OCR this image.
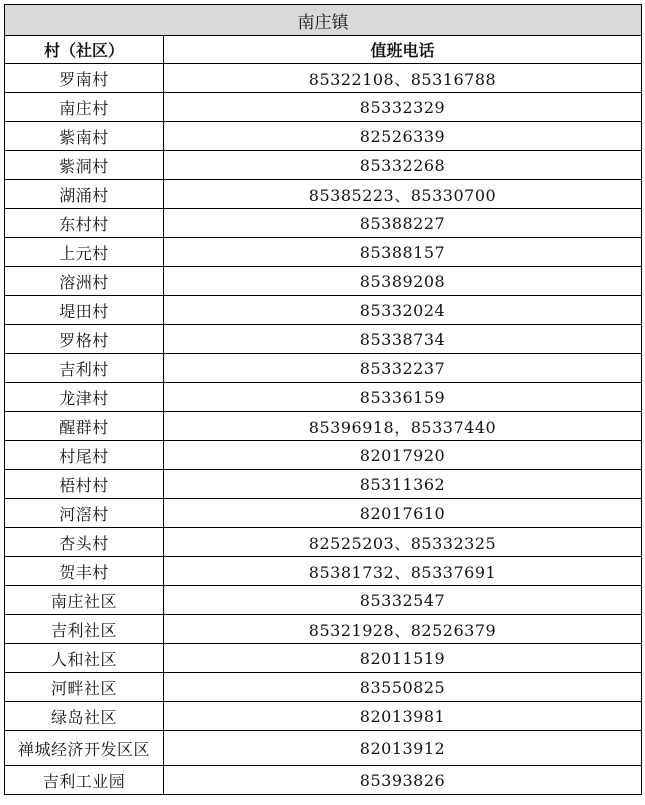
南庄镇	
村（社区）	值班电话
罗南村	85322108、85316788
南庄村	85332329
紫南村	82526339
紫洞村	85332268
湖涌村	85385223、85330700
东村村	85388227
上元村	85388157
溶洲村	85389208
堤田村	85332024
罗格村	85338734
吉利村	85332237
龙津村	85336159
醒群村	85396918，85337440
村尾村	82017920
梧村村	85311362
河滘村	82017610
杏头村	82525203、85332325
贺丰村	85381732、85337691
南庄社区	85332547
吉利社区	85321928、82526379
人和社区	82011519
河畔社区	83550825
绿岛社区	82013981
禅城经济开发区区	82013912
吉利工业园	85393826
